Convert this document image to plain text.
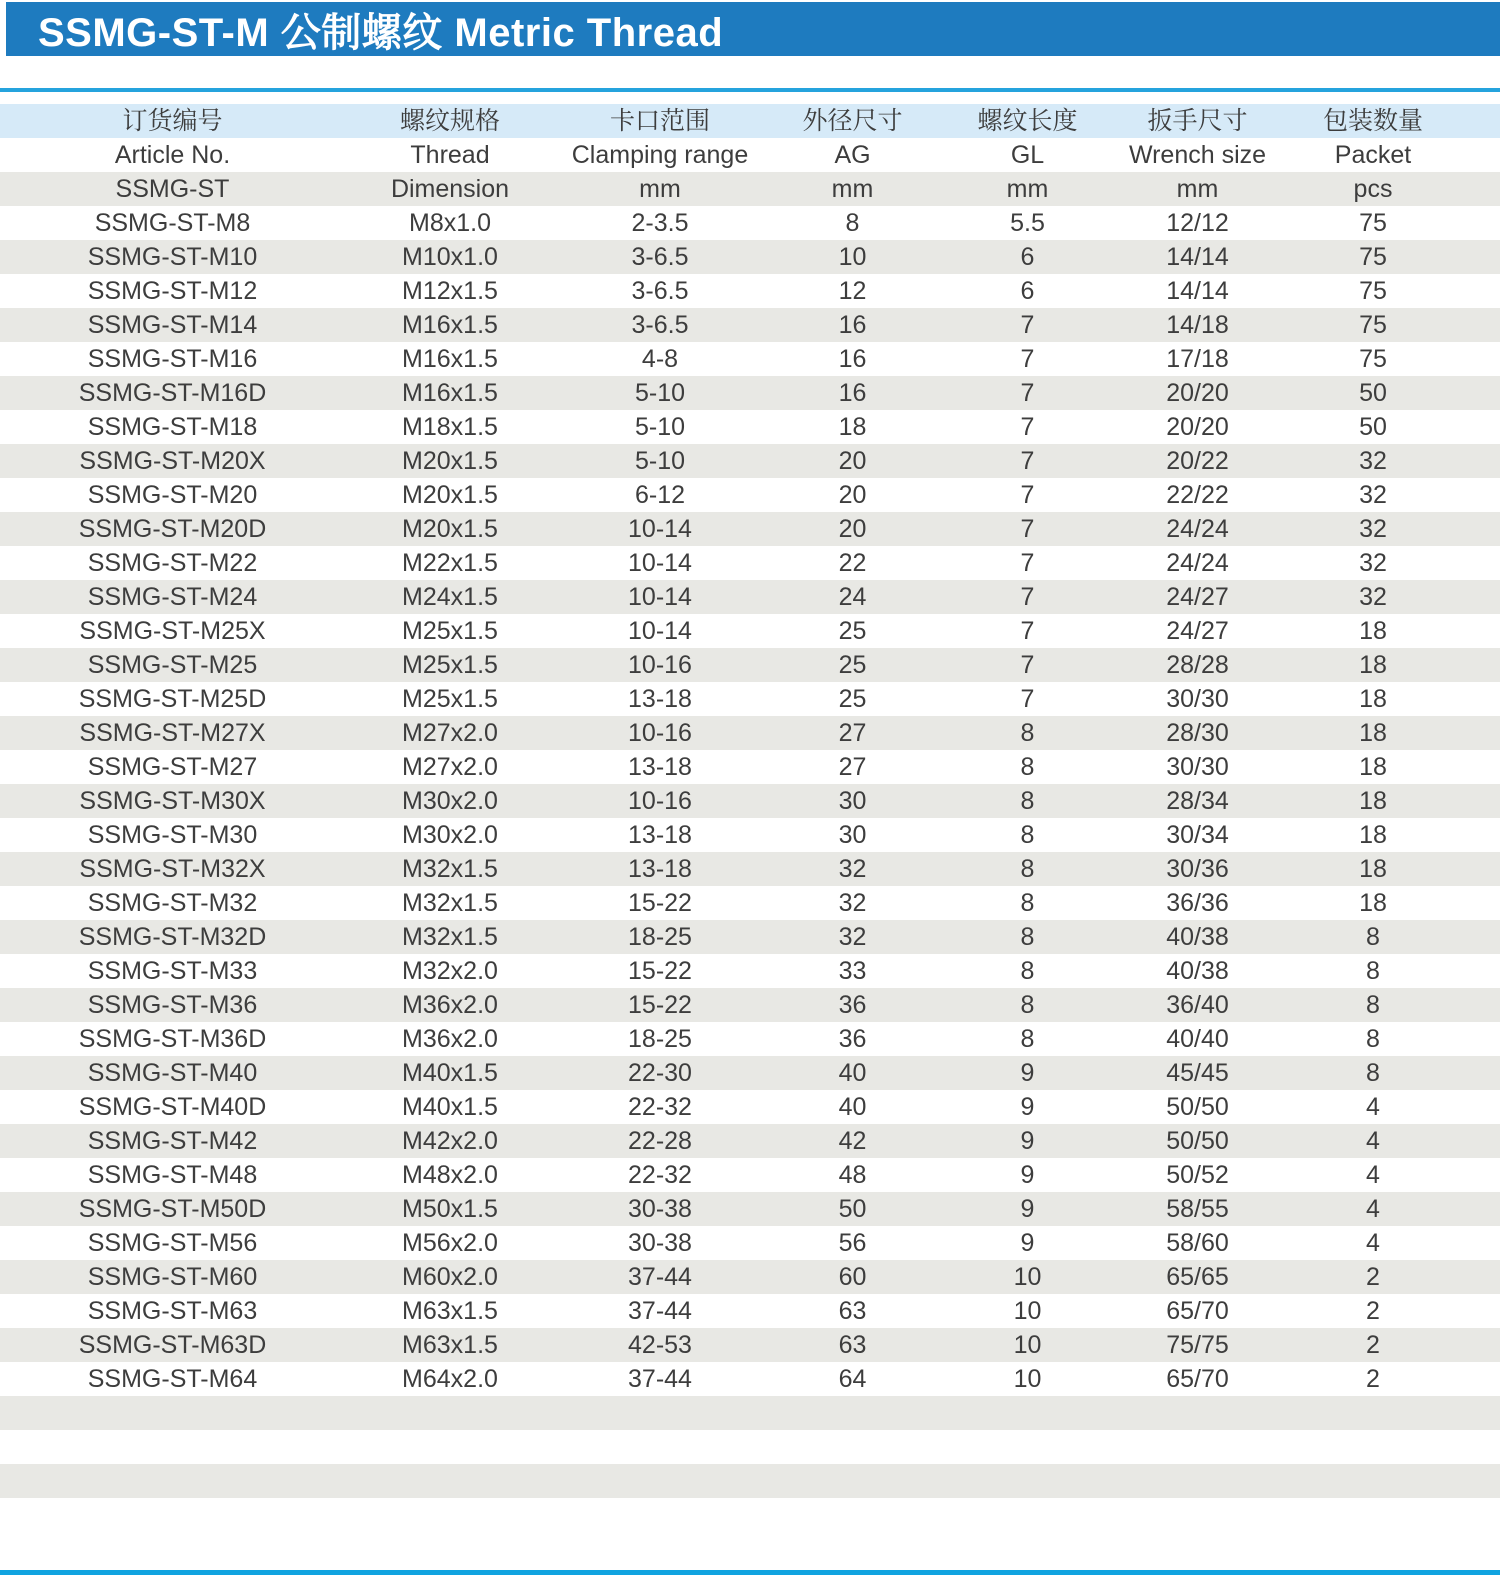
SSMG-ST-M 公制螺纹 Metric Thread
订货编号	螺纹规格	卡口范围	外径尺寸	螺纹长度	扳手尺寸	包装数量
Article No.	Thread	Clamping range	AG	GL	Wrench size	Packet
SSMG-ST	Dimension	mm	mm	mm	mm	pcs
SSMG-ST-M8	M8x1.0	2-3.5	8	5.5	12/12	75
SSMG-ST-M10	M10x1.0	3-6.5	10	6	14/14	75
SSMG-ST-M12	M12x1.5	3-6.5	12	6	14/14	75
SSMG-ST-M14	M16x1.5	3-6.5	16	7	14/18	75
SSMG-ST-M16	M16x1.5	4-8	16	7	17/18	75
SSMG-ST-M16D	M16x1.5	5-10	16	7	20/20	50
SSMG-ST-M18	M18x1.5	5-10	18	7	20/20	50
SSMG-ST-M20X	M20x1.5	5-10	20	7	20/22	32
SSMG-ST-M20	M20x1.5	6-12	20	7	22/22	32
SSMG-ST-M20D	M20x1.5	10-14	20	7	24/24	32
SSMG-ST-M22	M22x1.5	10-14	22	7	24/24	32
SSMG-ST-M24	M24x1.5	10-14	24	7	24/27	32
SSMG-ST-M25X	M25x1.5	10-14	25	7	24/27	18
SSMG-ST-M25	M25x1.5	10-16	25	7	28/28	18
SSMG-ST-M25D	M25x1.5	13-18	25	7	30/30	18
SSMG-ST-M27X	M27x2.0	10-16	27	8	28/30	18
SSMG-ST-M27	M27x2.0	13-18	27	8	30/30	18
SSMG-ST-M30X	M30x2.0	10-16	30	8	28/34	18
SSMG-ST-M30	M30x2.0	13-18	30	8	30/34	18
SSMG-ST-M32X	M32x1.5	13-18	32	8	30/36	18
SSMG-ST-M32	M32x1.5	15-22	32	8	36/36	18
SSMG-ST-M32D	M32x1.5	18-25	32	8	40/38	8
SSMG-ST-M33	M32x2.0	15-22	33	8	40/38	8
SSMG-ST-M36	M36x2.0	15-22	36	8	36/40	8
SSMG-ST-M36D	M36x2.0	18-25	36	8	40/40	8
SSMG-ST-M40	M40x1.5	22-30	40	9	45/45	8
SSMG-ST-M40D	M40x1.5	22-32	40	9	50/50	4
SSMG-ST-M42	M42x2.0	22-28	42	9	50/50	4
SSMG-ST-M48	M48x2.0	22-32	48	9	50/52	4
SSMG-ST-M50D	M50x1.5	30-38	50	9	58/55	4
SSMG-ST-M56	M56x2.0	30-38	56	9	58/60	4
SSMG-ST-M60	M60x2.0	37-44	60	10	65/65	2
SSMG-ST-M63	M63x1.5	37-44	63	10	65/70	2
SSMG-ST-M63D	M63x1.5	42-53	63	10	75/75	2
SSMG-ST-M64	M64x2.0	37-44	64	10	65/70	2
